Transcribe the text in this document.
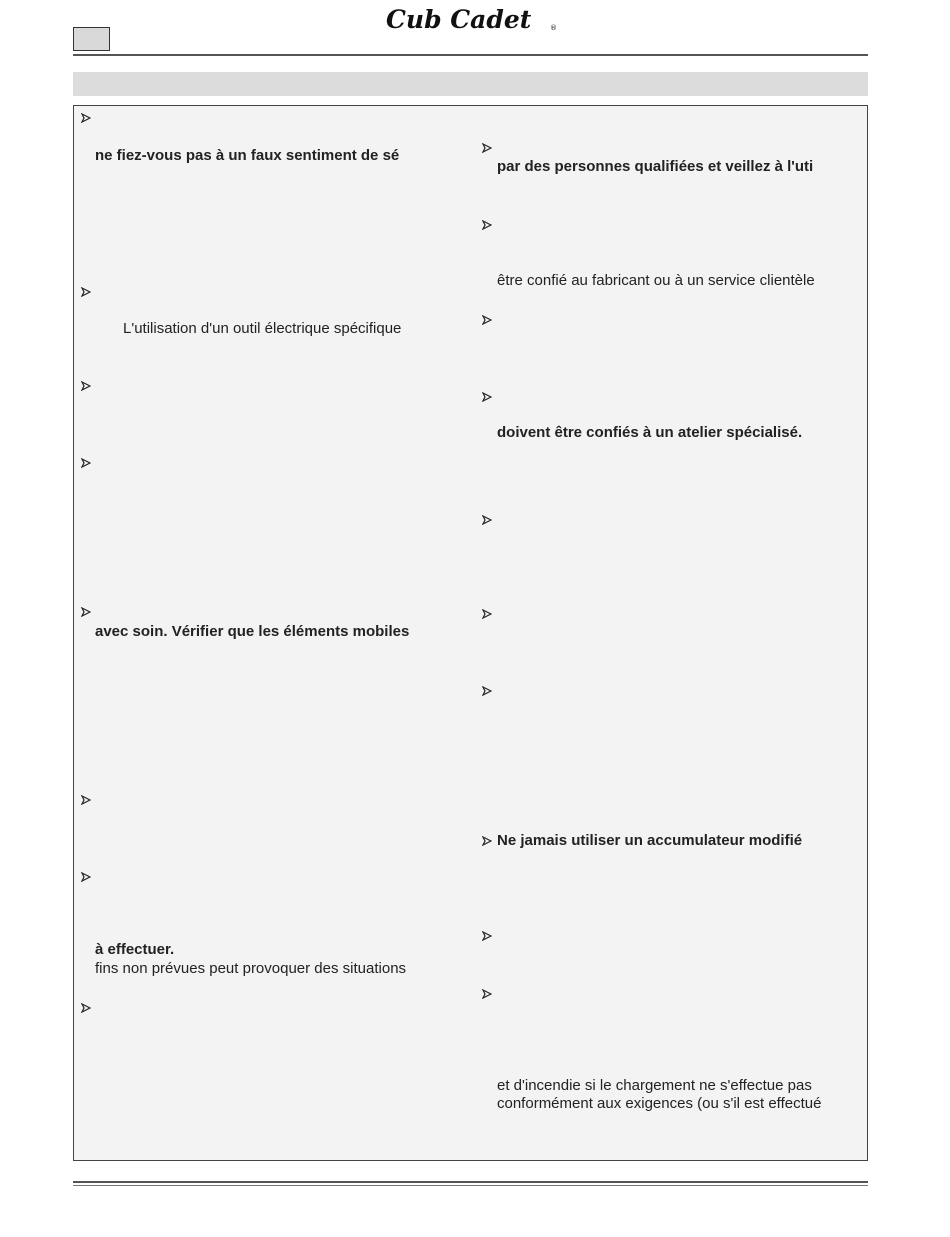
Cub Cadet	®
ne fiez-vous pas à un faux sentiment de sé
L'utilisation d'un outil électrique spécifique
avec soin. Vérifier que les éléments mobiles
à effectuer.
fins non prévues peut provoquer des situations
par des personnes qualifiées et veillez à l'uti
être confié au fabricant ou à un service clientèle
doivent être confiés à un atelier spécialisé.
Ne jamais utiliser un accumulateur modifié
et d'incendie si le chargement ne s'effectue pas
conformément aux exigences (ou s'il est effectué
